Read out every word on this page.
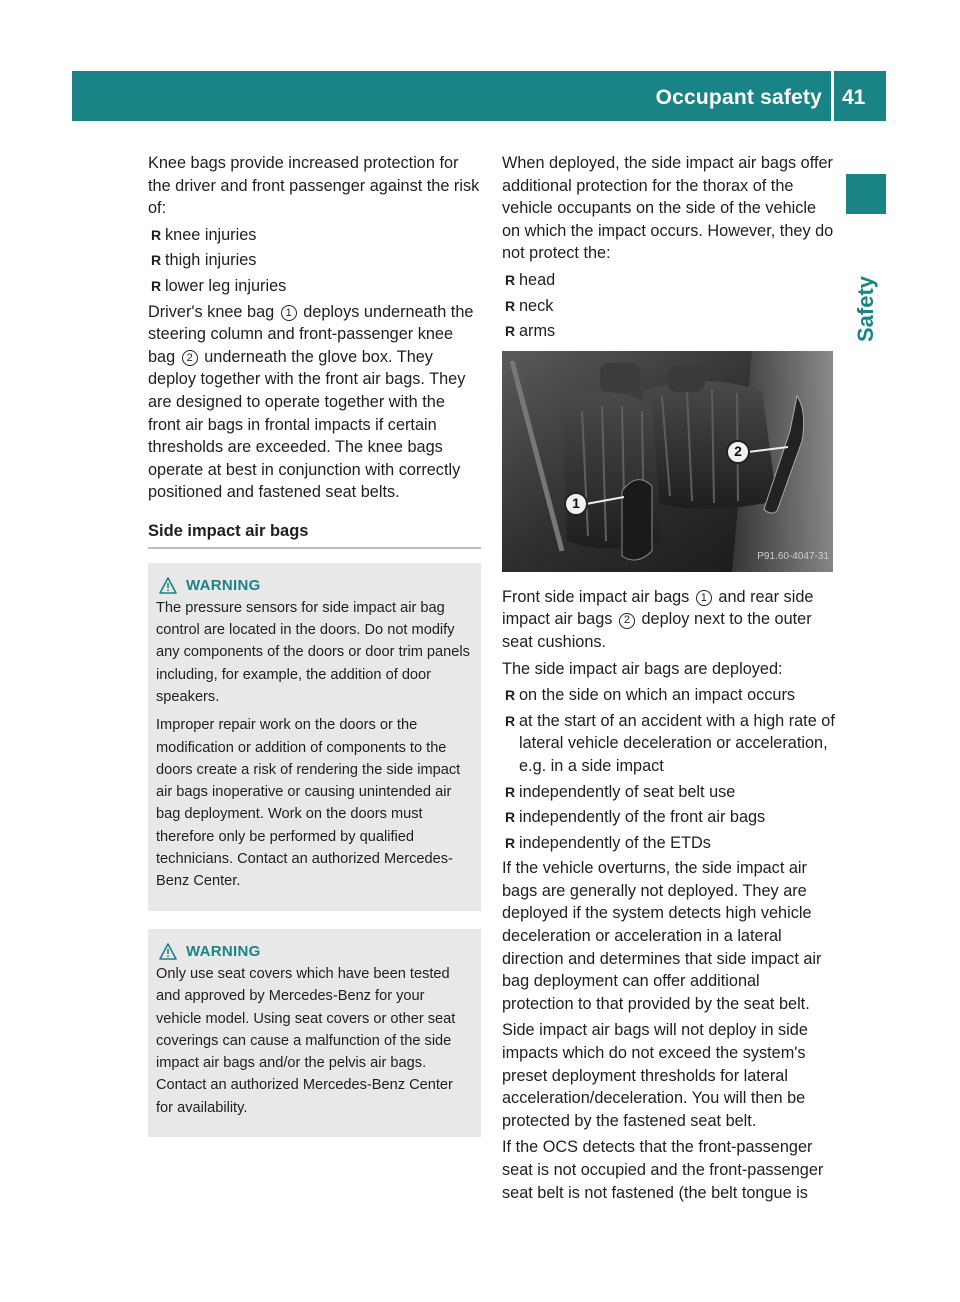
Occupant safety 41
Safety

Knee bags provide increased protection for the driver and front passenger against the risk of:

R knee injuries
R thigh injuries
R lower leg injuries

Driver's knee bag 1 deploys underneath the steering column and front-passenger knee bag 2 underneath the glove box. They deploy together with the front air bags. They are designed to operate together with the front air bags in frontal impacts if certain thresholds are exceeded. The knee bags operate at best in conjunction with correctly positioned and fastened seat belts.

Side impact air bags
WARNING

The pressure sensors for side impact air bag control are located in the doors. Do not modify any components of the doors or door trim panels including, for example, the addition of door speakers.

Improper repair work on the doors or the modification or addition of components to the doors create a risk of rendering the side impact air bags inoperative or causing unintended air bag deployment. Work on the doors must therefore only be performed by qualified technicians. Contact an authorized Mercedes-Benz Center.

WARNING

Only use seat covers which have been tested and approved by Mercedes-Benz for your vehicle model. Using seat covers or other seat coverings can cause a malfunction of the side impact air bags and/or the pelvis air bags. Contact an authorized Mercedes-Benz Center for availability.

When deployed, the side impact air bags offer additional protection for the thorax of the vehicle occupants on the side of the vehicle on which the impact occurs. However, they do not protect the:

R head
R neck
R arms
1
2
P91.60-4047-31

Front side impact air bags 1 and rear side impact air bags 2 deploy next to the outer seat cushions.

The side impact air bags are deployed:

R on the side on which an impact occurs
R at the start of an accident with a high rate of lateral vehicle deceleration or acceleration, e.g. in a side impact
R independently of seat belt use
R independently of the front air bags
R independently of the ETDs

If the vehicle overturns, the side impact air bags are generally not deployed. They are deployed if the system detects high vehicle deceleration or acceleration in a lateral direction and determines that side impact air bag deployment can offer additional protection to that provided by the seat belt.

Side impact air bags will not deploy in side impacts which do not exceed the system's preset deployment thresholds for lateral acceleration/deceleration. You will then be protected by the fastened seat belt.

If the OCS detects that the front-passenger seat is not occupied and the front-passenger seat belt is not fastened (the belt tongue is
